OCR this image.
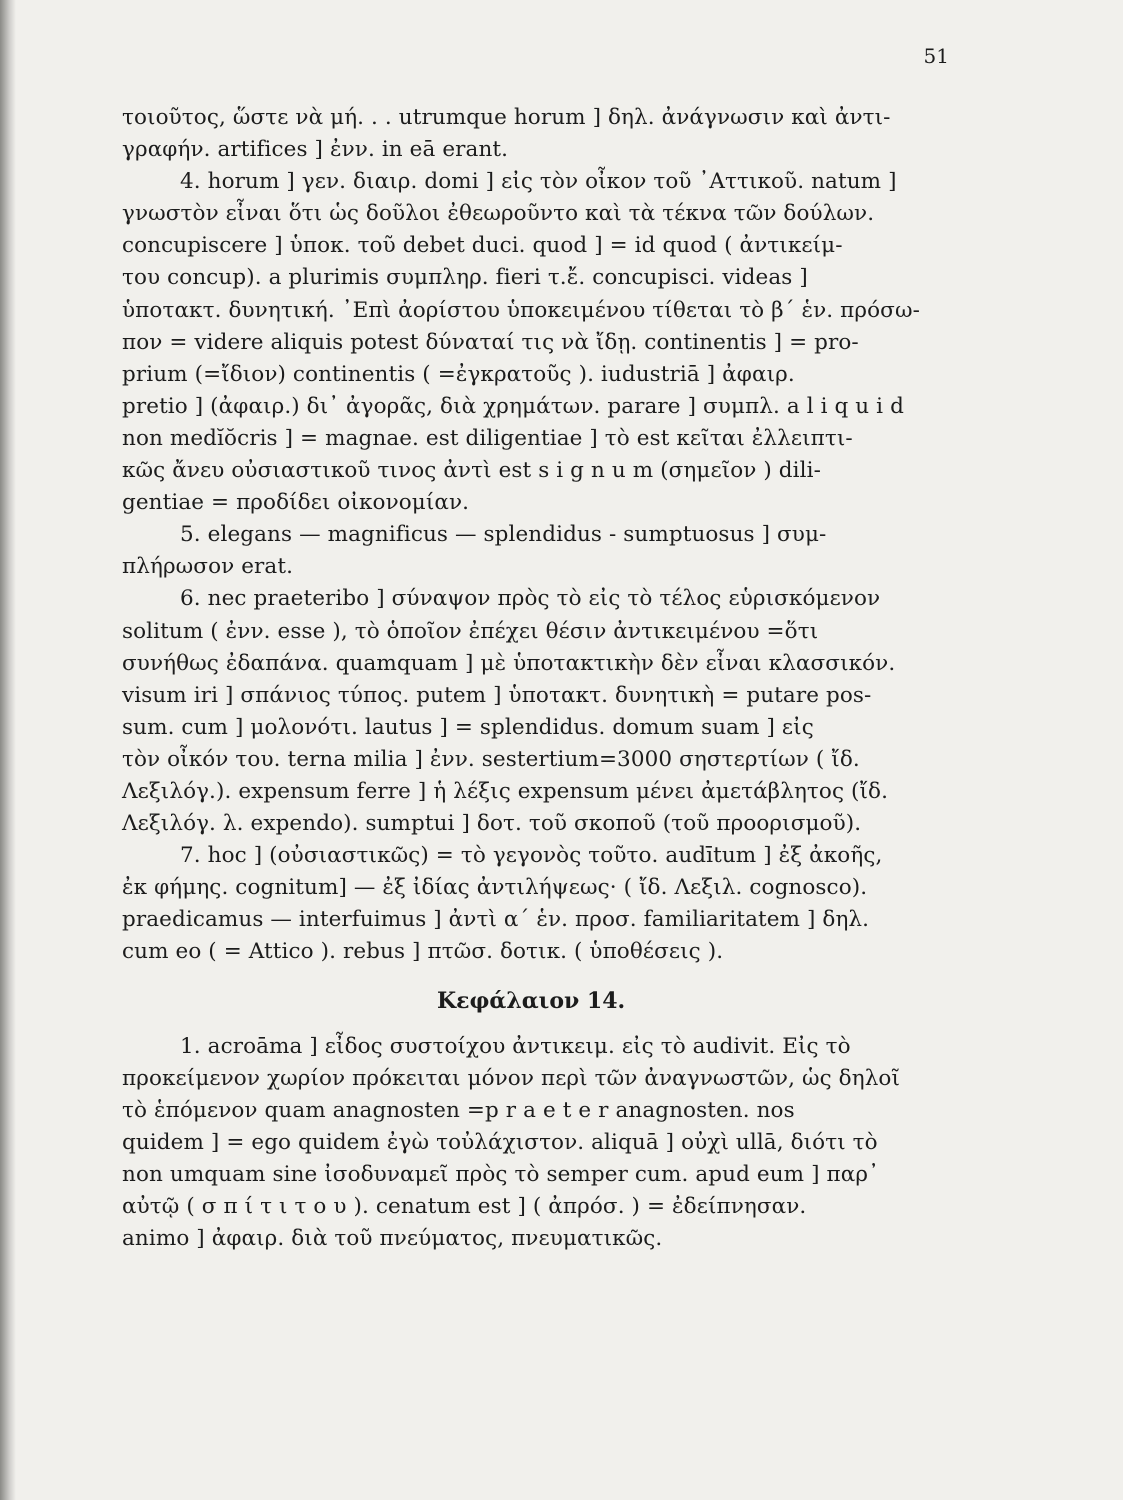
51
τοιοῦτος, ὥστε νὰ μή. . . utrumque horum ] δηλ. ἀνάγνωσιν καὶ ἀντι-
γραφήν. artifices ] ἐνν. in eā erant.
4. horum ] γεν. διαιρ. domi ] εἰς τὸν οἶκον τοῦ ᾿Αττικοῦ. natum ]
γνωστὸν εἶναι ὅτι ὡς δοῦλοι ἐθεωροῦντο καὶ τὰ τέκνα τῶν δούλων.
concupiscere ] ὑποκ. τοῦ debet duci. quod ] = id quod ( ἀντικείμ-
του concup). a plurimis συμπληρ. fieri τ.ἔ. concupisci. videas ]
ὑποτακτ. δυνητική. ᾿Επὶ ἀορίστου ὑποκειμένου τίθεται τὸ β΄ ἑν. πρόσω-
πον = videre aliquis potest δύναταί τις νὰ ἴδῃ. continentis ] = pro-
prium (=ἴδιον) continentis ( =ἐγκρατοῦς ). iudustriā ] ἀφαιρ.
pretio ] (ἀφαιρ.) δι᾿ ἀγορᾶς, διὰ χρημάτων. parare ] συμπλ. a l i q u i d
non medĭŏcris ] = magnae. est diligentiae ] τὸ est κεῖται ἐλλειπτι-
κῶς ἄνευ οὐσιαστικοῦ τινος ἀντὶ est s i g n u m (σημεῖον ) dili-
gentiae = προδίδει οἰκονομίαν.
5. elegans — magnificus — splendidus - sumptuosus ] συμ-
πλήρωσον erat.
6. nec praeteribo ] σύναψον πρὸς τὸ εἰς τὸ τέλος εὑρισκόμενον
solitum ( ἐνν. esse ), τὸ ὁποῖον ἐπέχει θέσιν ἀντικειμένου =ὅτι
συνήθως ἐδαπάνα. quamquam ] μὲ ὑποτακτικὴν δὲν εἶναι κλασσικόν.
visum iri ] σπάνιος τύπος. putem ] ὑποτακτ. δυνητικὴ = putare pos-
sum. cum ] μολονότι. lautus ] = splendidus. domum suam ] εἰς
τὸν οἶκόν του. terna milia ] ἐνν. sestertium=3000 σηστερτίων ( ἴδ.
Λεξιλόγ.). expensum ferre ] ἡ λέξις expensum μένει ἀμετάβλητος (ἴδ.
Λεξιλόγ. λ. expendo). sumptui ] δοτ. τοῦ σκοποῦ (τοῦ προορισμοῦ).
7. hoc ] (οὐσιαστικῶς) = τὸ γεγονὸς τοῦτο. audītum ] ἐξ ἀκοῆς,
ἐκ φήμης. cognitum] — ἐξ ἰδίας ἀντιλήψεως· ( ἴδ. Λεξιλ. cognosco).
praedicamus — interfuimus ] ἀντὶ α΄ ἑν. προσ. familiaritatem ] δηλ.
cum eo ( = Attico ). rebus ] πτῶσ. δοτικ. ( ὑποθέσεις ).
Κεφάλαιον 14.
1. acroāma ] εἶδος συστοίχου ἀντικειμ. εἰς τὸ audivit. Εἰς τὸ
προκείμενον χωρίον πρόκειται μόνον περὶ τῶν ἀναγνωστῶν, ὡς δηλοῖ
τὸ ἑπόμενον quam anagnosten =p r a e t e r anagnosten. nos
quidem ] = ego quidem ἐγὼ τοὐλάχιστον. aliquā ] οὐχὶ ullā, διότι τὸ
non umquam sine ἰσοδυναμεῖ πρὸς τὸ semper cum. apud eum ] παρ᾿
αὐτῷ ( σ π ί τ ι τ ο υ ). cenatum est ] ( ἀπρόσ. ) = ἐδείπνησαν.
animo ] ἀφαιρ. διὰ τοῦ πνεύματος, πνευματικῶς.
